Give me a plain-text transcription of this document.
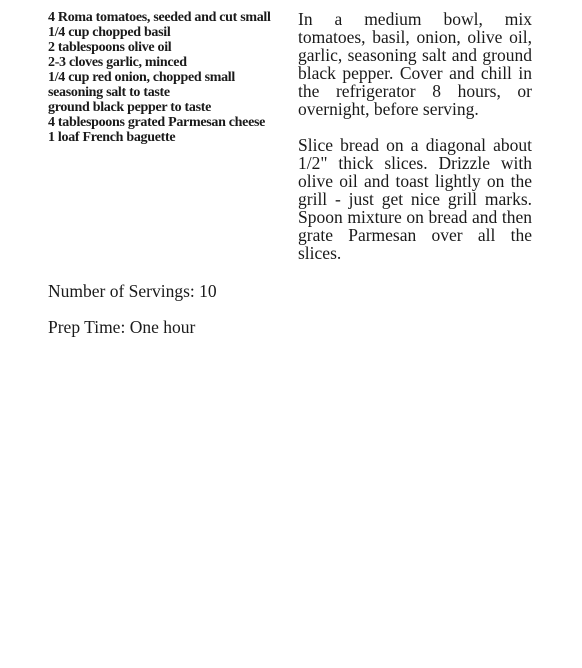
4 Roma tomatoes, seeded and cut small
1/4 cup chopped basil
2 tablespoons olive oil
2-3 cloves garlic, minced
1/4 cup red onion, chopped small
seasoning salt to taste
ground black pepper to taste
4 tablespoons grated Parmesan cheese
1 loaf French baguette

In a medium bowl, mix tomatoes, basil, onion, olive oil, garlic, seasoning salt and ground black pepper. Cover and chill in the refrigerator 8 hours, or overnight, before serving.

Slice bread on a diagonal about 1/2" thick slices. Drizzle with olive oil and toast lightly on the grill - just get nice grill marks. Spoon mixture on bread and then grate Parmesan over all the slices.

Number of Servings: 10

Prep Time: One hour
